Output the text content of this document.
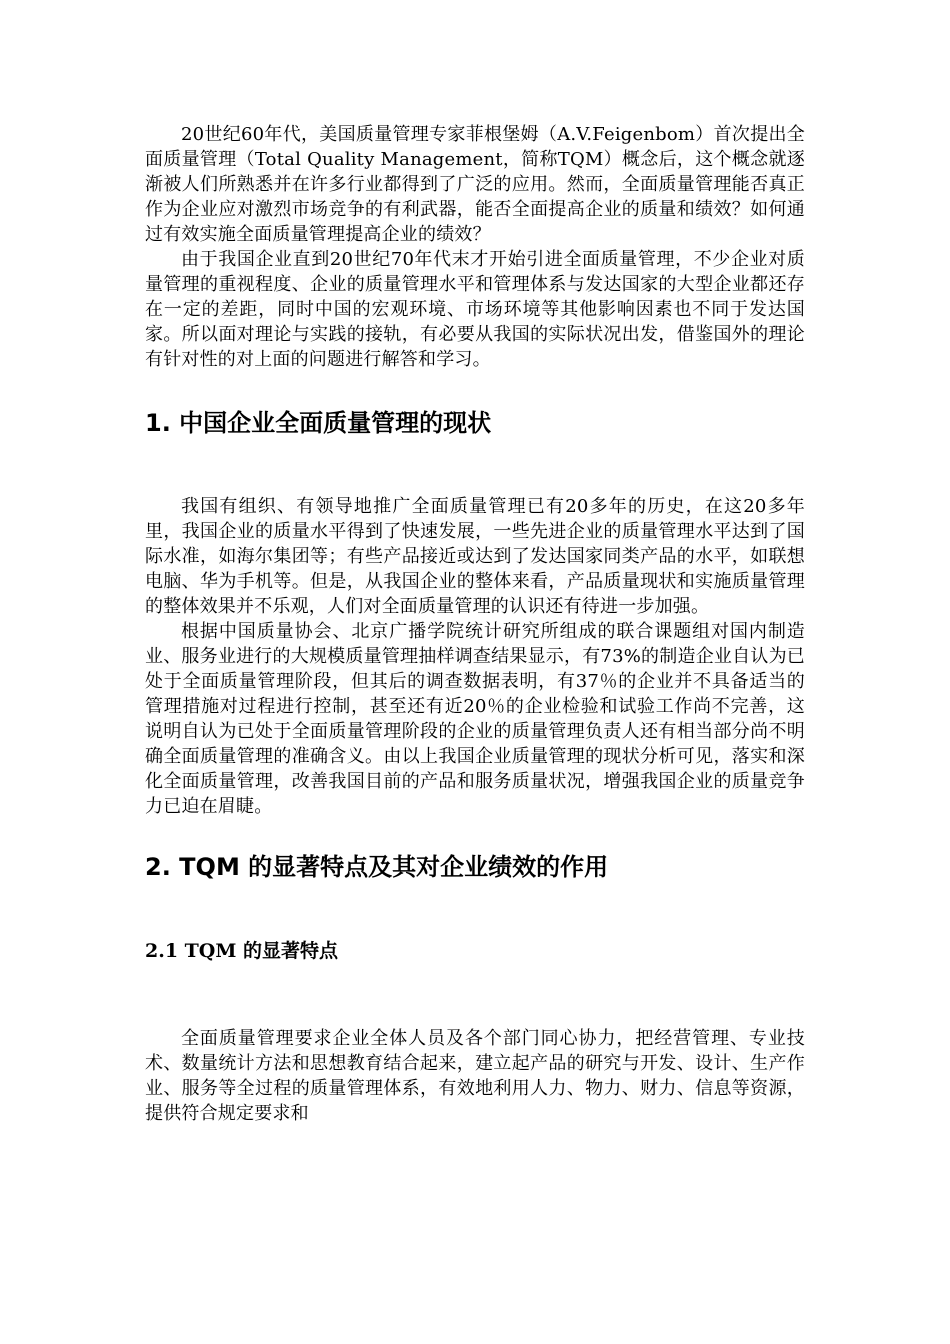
20世纪60年代，美国质量管理专家菲根堡姆（A.V.Feigenbom）首次提出全面质量管理（Total Quality Management，简称TQM）概念后，这个概念就逐渐被人们所熟悉并在许多行业都得到了广泛的应用。然而，全面质量管理能否真正作为企业应对激烈市场竞争的有利武器，能否全面提高企业的质量和绩效？如何通过有效实施全面质量管理提高企业的绩效？

由于我国企业直到20世纪70年代末才开始引进全面质量管理，不少企业对质量管理的重视程度、企业的质量管理水平和管理体系与发达国家的大型企业都还存在一定的差距，同时中国的宏观环境、市场环境等其他影响因素也不同于发达国家。所以面对理论与实践的接轨，有必要从我国的实际状况出发，借鉴国外的理论有针对性的对上面的问题进行解答和学习。

1. 中国企业全面质量管理的现状

我国有组织、有领导地推广全面质量管理已有20多年的历史，在这20多年里，我国企业的质量水平得到了快速发展，一些先进企业的质量管理水平达到了国际水准，如海尔集团等；有些产品接近或达到了发达国家同类产品的水平，如联想电脑、华为手机等。但是，从我国企业的整体来看，产品质量现状和实施质量管理的整体效果并不乐观，人们对全面质量管理的认识还有待进一步加强。

根据中国质量协会、北京广播学院统计研究所组成的联合课题组对国内制造业、服务业进行的大规模质量管理抽样调查结果显示，有73%的制造企业自认为已处于全面质量管理阶段，但其后的调查数据表明，有37％的企业并不具备适当的管理措施对过程进行控制，甚至还有近20％的企业检验和试验工作尚不完善，这说明自认为已处于全面质量管理阶段的企业的质量管理负责人还有相当部分尚不明确全面质量管理的准确含义。由以上我国企业质量管理的现状分析可见，落实和深化全面质量管理，改善我国目前的产品和服务质量状况，增强我国企业的质量竞争力已迫在眉睫。

2. TQM 的显著特点及其对企业绩效的作用
2.1 TQM 的显著特点

全面质量管理要求企业全体人员及各个部门同心协力，把经营管理、专业技术、数量统计方法和思想教育结合起来，建立起产品的研究与开发、设计、生产作业、服务等全过程的质量管理体系，有效地利用人力、物力、财力、信息等资源，提供符合规定要求和
